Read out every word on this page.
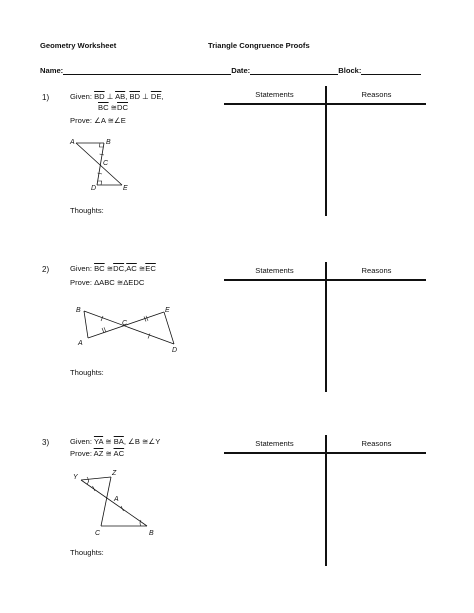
Geometry Worksheet	Triangle Congruence Proofs
Name:	Date:	Block:
1)	Given: $\overline{BD}$ ⊥ $\overline{AB}$, $\overline{BD}$ ⊥ $\overline{DE}$,
$\overline{BC}$ $≅\overline{DC}$
Prove: ∠A ≅∠E
A	B
C
D	E
Thoughts:
Statements	Reasons
2)	Given: $\overline{BC}$ $≅\overline{DC},\overline{AC}$ $≅\overline{EC}$
Prove: ΔABC ≅ΔEDC
B
C
A
E
D
Thoughts:
Statements	Reasons
3)	Given: $\overline{YA}$ ≅ $\overline{BA}$, ∠B ≅∠Y
Prove: $\overline{AZ}$ ≅ $\overline{AC}$
Y
Z
A
B
C
Thoughts:
Statements	Reasons
